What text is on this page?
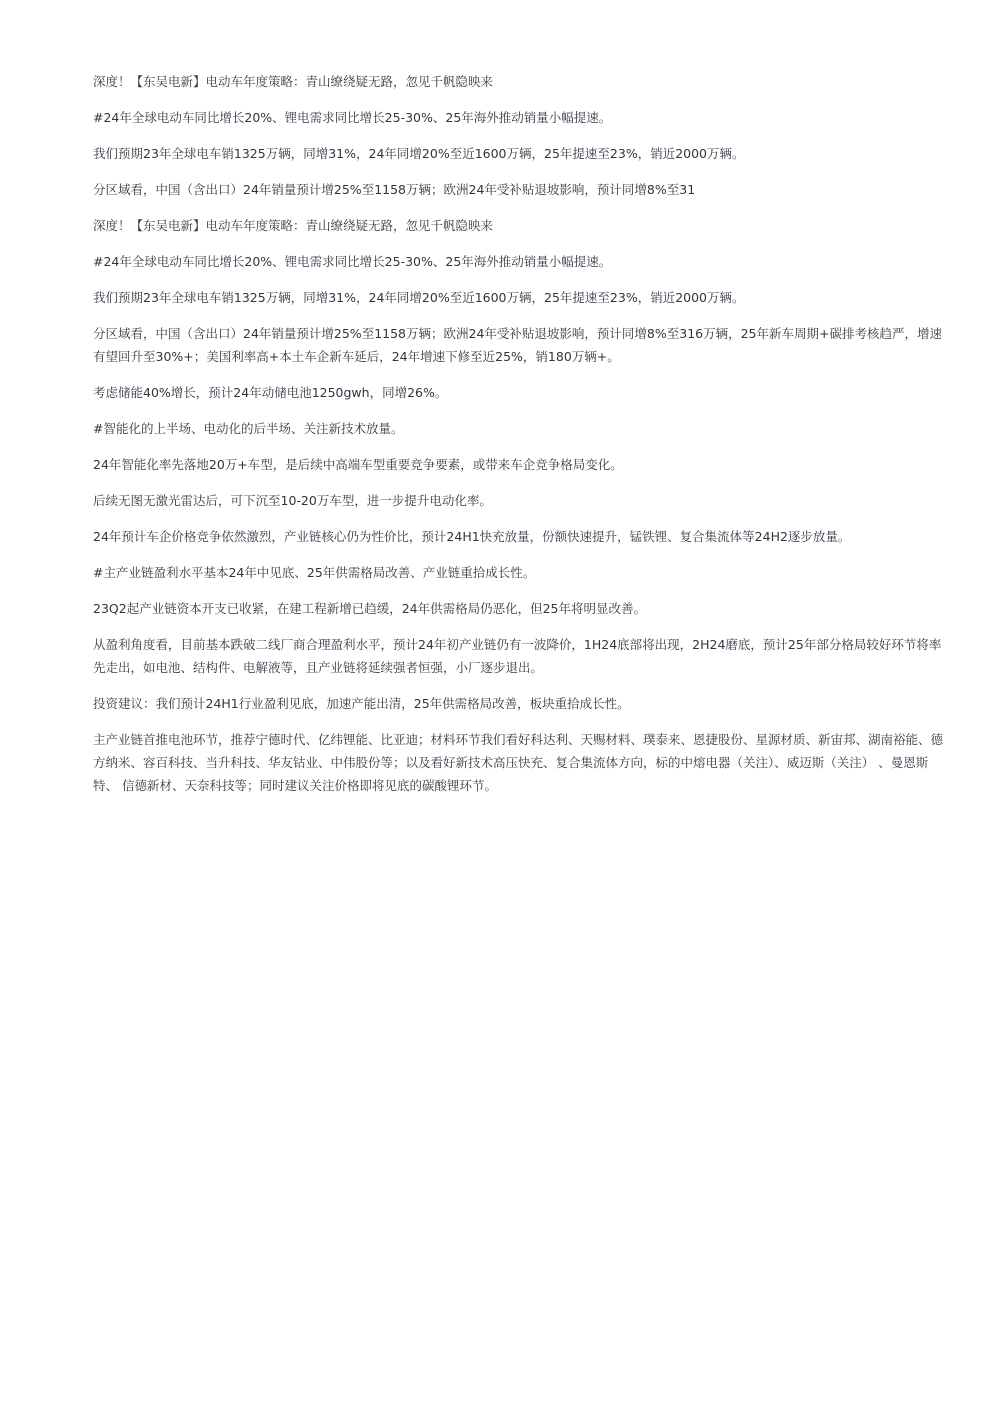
深度！【东吴电新】电动车年度策略：青山缭绕疑无路，忽见千帆隐映来

#24年全球电动车同比增长20%、锂电需求同比增长25-30%、25年海外推动销量小幅提速。

我们预期23年全球电车销1325万辆，同增31%，24年同增20%至近1600万辆，25年提速至23%，销近2000万辆。

分区域看，中国（含出口）24年销量预计增25%至1158万辆；欧洲24年受补贴退坡影响，预计同增8%至31

深度！【东吴电新】电动车年度策略：青山缭绕疑无路，忽见千帆隐映来

#24年全球电动车同比增长20%、锂电需求同比增长25-30%、25年海外推动销量小幅提速。

我们预期23年全球电车销1325万辆，同增31%，24年同增20%至近1600万辆，25年提速至23%，销近2000万辆。

分区域看，中国（含出口）24年销量预计增25%至1158万辆；欧洲24年受补贴退坡影响，预计同增8%至316万辆，25年新车周期+碳排考核趋严，增速有望回升至30%+；美国利率高+本土车企新车延后，24年增速下修至近25%，销180万辆+。

考虑储能40%增长，预计24年动储电池1250gwh，同增26%。

#智能化的上半场、电动化的后半场、关注新技术放量。

24年智能化率先落地20万+车型，是后续中高端车型重要竞争要素，或带来车企竞争格局变化。

后续无图无激光雷达后，可下沉至10-20万车型，进一步提升电动化率。

24年预计车企价格竞争依然激烈，产业链核心仍为性价比，预计24H1快充放量，份额快速提升，锰铁锂、复合集流体等24H2逐步放量。

#主产业链盈利水平基本24年中见底、25年供需格局改善、产业链重拾成长性。

23Q2起产业链资本开支已收紧，在建工程新增已趋缓，24年供需格局仍恶化，但25年将明显改善。

从盈利角度看，目前基本跌破二线厂商合理盈利水平，预计24年初产业链仍有一波降价，1H24底部将出现，2H24磨底，预计25年部分格局较好环节将率先走出，如电池、结构件、电解液等，且产业链将延续强者恒强，小厂逐步退出。

投资建议：我们预计24H1行业盈利见底，加速产能出清，25年供需格局改善，板块重拾成长性。

主产业链首推电池环节，推荐宁德时代、亿纬锂能、比亚迪；材料环节我们看好科达利、天赐材料、璞泰来、恩捷股份、星源材质、新宙邦、湖南裕能、德方纳米、容百科技、当升科技、华友钴业、中伟股份等；以及看好新技术高压快充、复合集流体方向，标的中熔电器（关注）、威迈斯（关注） 、曼恩斯特、 信德新材、天奈科技等；同时建议关注价格即将见底的碳酸锂环节。
